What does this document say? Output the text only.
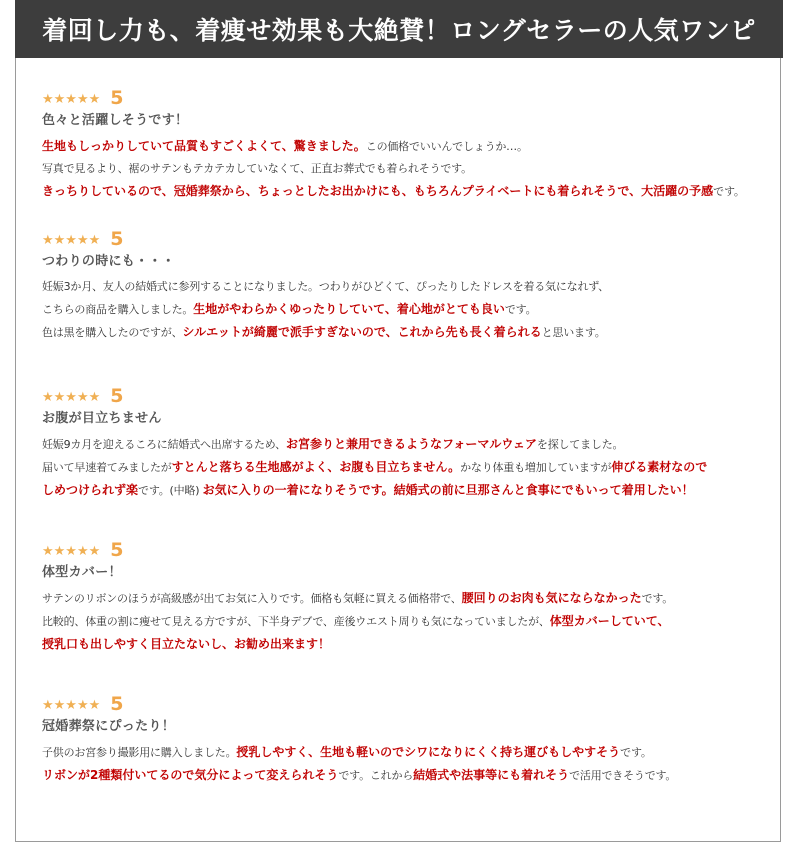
着回し力も、着痩せ効果も大絶賛！ロングセラーの人気ワンピ
★★★★★ 5
色々と活躍しそうです！
生地もしっかりしていて品質もすごくよくて、驚きました。この価格でいいんでしょうか…。
写真で見るより、裾のサテンもテカテカしていなくて、正直お葬式でも着られそうです。
きっちりしているので、冠婚葬祭から、ちょっとしたお出かけにも、もちろんプライベートにも着られそうで、大活躍の予感です。
★★★★★ 5
つわりの時にも・・・
妊娠3か月、友人の結婚式に参列することになりました。つわりがひどくて、ぴったりしたドレスを着る気になれず、
こちらの商品を購入しました。生地がやわらかくゆったりしていて、着心地がとても良いです。
色は黒を購入したのですが、シルエットが綺麗で派手すぎないので、これから先も長く着られると思います。
★★★★★ 5
お腹が目立ちません
妊娠9カ月を迎えるころに結婚式へ出席するため、お宮参りと兼用できるようなフォーマルウェアを探してました。
届いて早速着てみましたがすとんと落ちる生地感がよく、お腹も目立ちません。かなり体重も増加していますが伸びる素材なので
しめつけられず楽です。(中略) お気に入りの一着になりそうです。結婚式の前に旦那さんと食事にでもいって着用したい！
★★★★★ 5
体型カバー！
サテンのリボンのほうが高級感が出てお気に入りです。価格も気軽に買える価格帯で、腰回りのお肉も気にならなかったです。
比較的、体重の割に痩せて見える方ですが、下半身デブで、産後ウエスト周りも気になっていましたが、体型カバーしていて、
授乳口も出しやすく目立たないし、お勧め出来ます！
★★★★★ 5
冠婚葬祭にぴったり！
子供のお宮参り撮影用に購入しました。授乳しやすく、生地も軽いのでシワになりにくく持ち運びもしやすそうです。
リボンが2種類付いてるので気分によって変えられそうです。これから結婚式や法事等にも着れそうで活用できそうです。
